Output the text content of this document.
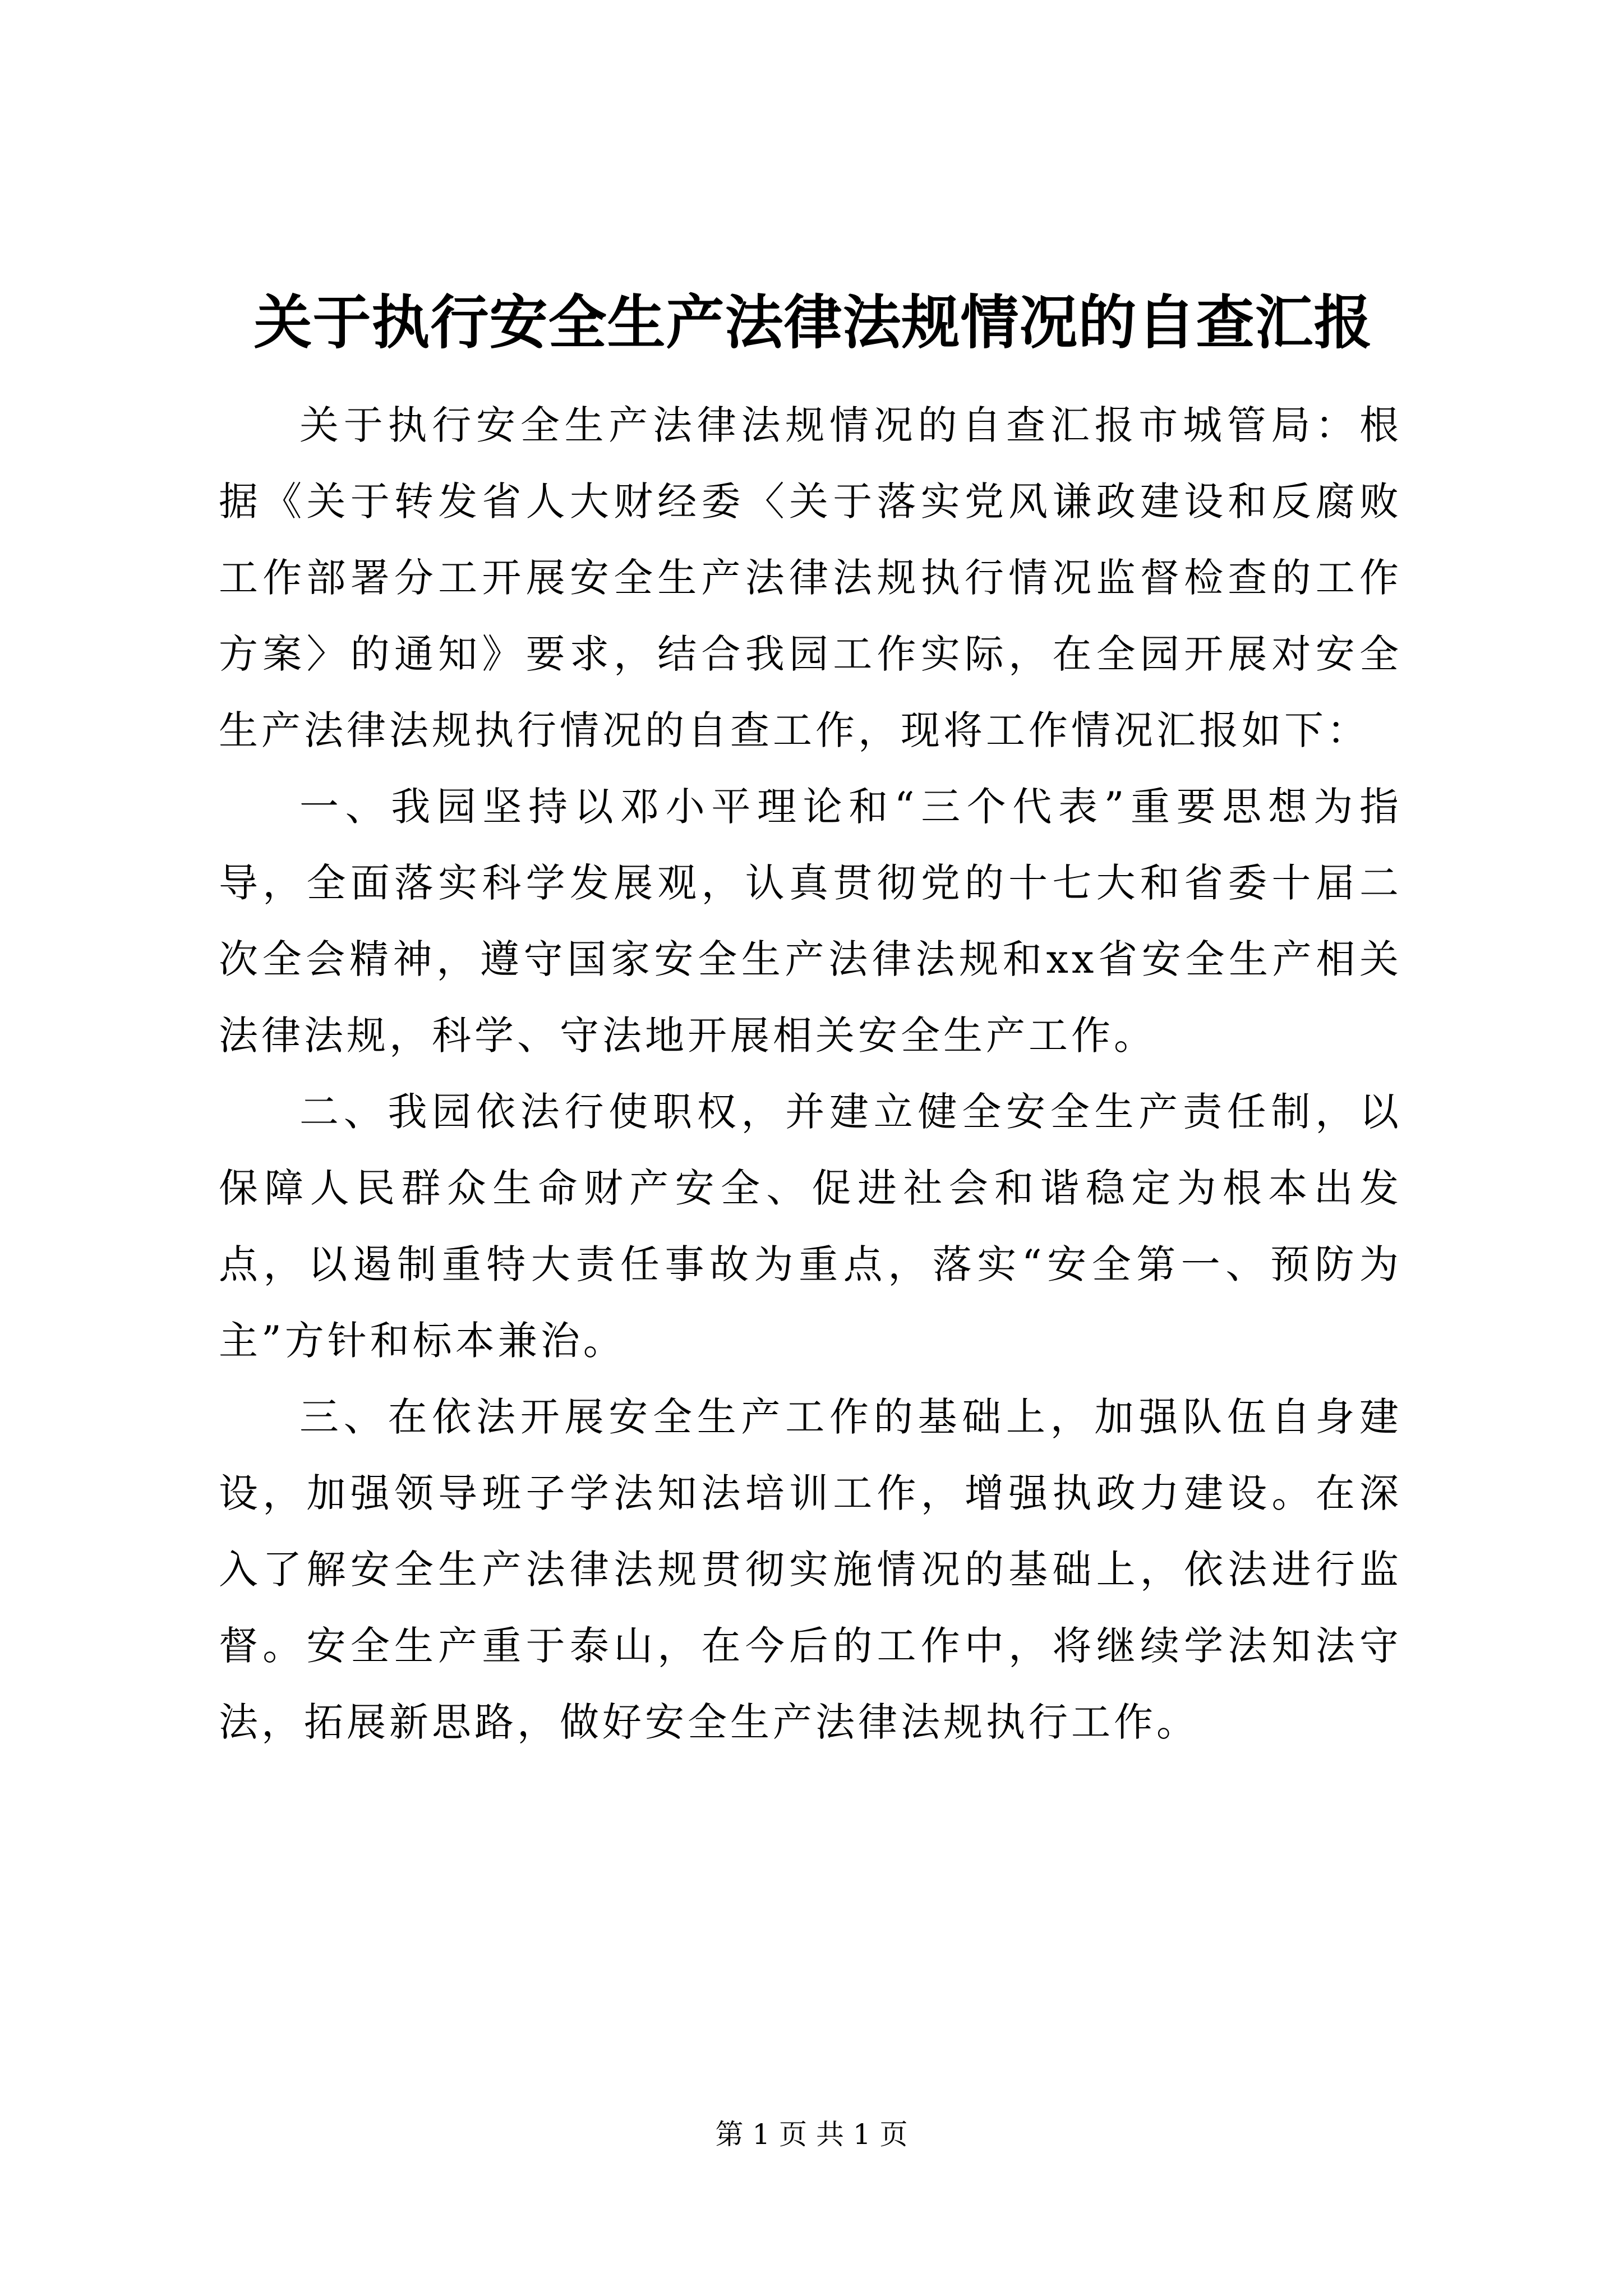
关于执行安全生产法律法规情况的自查汇报

关于执行安全生产法律法规情况的自查汇报市城管局：根据《关于转发省人大财经委〈关于落实党风谦政建设和反腐败工作部署分工开展安全生产法律法规执行情况监督检查的工作方案〉的通知》要求，结合我园工作实际，在全园开展对安全生产法律法规执行情况的自查工作，现将工作情况汇报如下：

一、我园坚持以邓小平理论和“三个代表”重要思想为指导，全面落实科学发展观，认真贯彻党的十七大和省委十届二次全会精神，遵守国家安全生产法律法规和xx省安全生产相关法律法规，科学、守法地开展相关安全生产工作。

二、我园依法行使职权，并建立健全安全生产责任制，以保障人民群众生命财产安全、促进社会和谐稳定为根本出发点，以遏制重特大责任事故为重点，落实“安全第一、预防为主”方针和标本兼治。

三、在依法开展安全生产工作的基础上，加强队伍自身建设，加强领导班子学法知法培训工作，增强执政力建设。在深入了解安全生产法律法规贯彻实施情况的基础上，依法进行监督。安全生产重于泰山，在今后的工作中，将继续学法知法守法，拓展新思路，做好安全生产法律法规执行工作。

第 1 页 共 1 页
